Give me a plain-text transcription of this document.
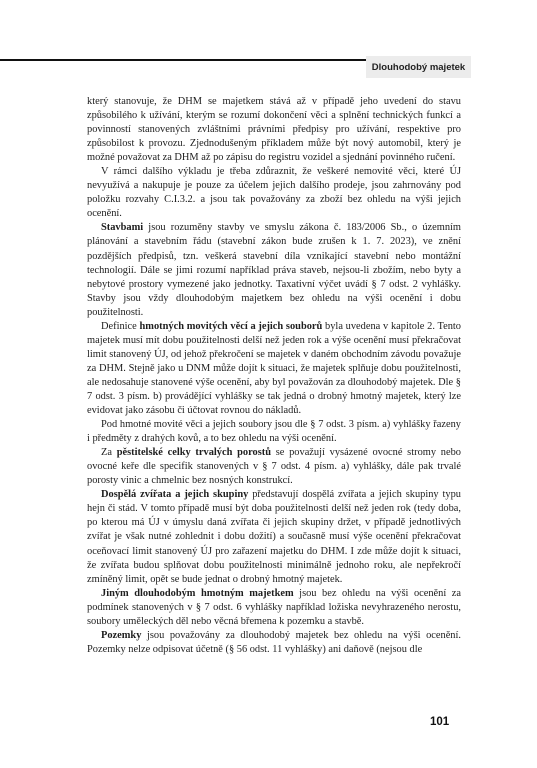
Dlouhodobý majetek

který stanovuje, že DHM se majetkem stává až v případě jeho uvedení do stavu způsobilého k užívání, kterým se rozumí dokončení věci a splnění technických funkcí a povinností stanovených zvláštními právními předpisy pro užívání, respektive pro způsobilost k provozu. Zjednodušeným příkladem může být nový automobil, který je možné považovat za DHM až po zápisu do registru vozidel a sjednání povinného ručení.

V rámci dalšího výkladu je třeba zdůraznit, že veškeré nemovité věci, které ÚJ nevyužívá a nakupuje je pouze za účelem jejich dalšího prodeje, jsou zahrnovány pod položku rozvahy C.I.3.2. a jsou tak považovány za zboží bez ohledu na výši jejich ocenění.

Stavbami jsou rozuměny stavby ve smyslu zákona č. 183/2006 Sb., o územním plánování a stavebním řádu (stavební zákon bude zrušen k 1. 7. 2023), ve znění pozdějších předpisů, tzn. veškerá stavební díla vznikající stavební nebo montážní technologií. Dále se jimi rozumí například práva staveb, nejsou-li zbožím, nebo byty a nebytové prostory vymezené jako jednotky. Taxativní výčet uvádí § 7 odst. 2 vyhlášky. Stavby jsou vždy dlouhodobým majetkem bez ohledu na výši ocenění i dobu použitelnosti.

Definice hmotných movitých věcí a jejich souborů byla uvedena v kapitole 2. Tento majetek musí mít dobu použitelnosti delší než jeden rok a výše ocenění musí překračovat limit stanovený ÚJ, od jehož překročení se majetek v daném obchodním závodu považuje za DHM. Stejně jako u DNM může dojít k situaci, že majetek splňuje dobu použitelnosti, ale nedosahuje stanovené výše ocenění, aby byl považován za dlouhodobý majetek. Dle § 7 odst. 3 písm. b) provádějící vyhlášky se tak jedná o drobný hmotný majetek, který lze evidovat jako zásobu či účtovat rovnou do nákladů.

Pod hmotné movité věci a jejich soubory jsou dle § 7 odst. 3 písm. a) vyhlášky řazeny i předměty z drahých kovů, a to bez ohledu na výši ocenění.

Za pěstitelské celky trvalých porostů se považují vysázené ovocné stromy nebo ovocné keře dle specifik stanovených v § 7 odst. 4 písm. a) vyhlášky, dále pak trvalé porosty vinic a chmelnic bez nosných konstrukcí.

Dospělá zvířata a jejich skupiny představují dospělá zvířata a jejich skupiny typu hejn či stád. V tomto případě musí být doba použitelnosti delší než jeden rok (tedy doba, po kterou má ÚJ v úmyslu daná zvířata či jejich skupiny držet, v případě jednotlivých zvířat je však nutné zohlednit i dobu dožití) a současně musí výše ocenění překračovat oceňovací limit stanovený ÚJ pro zařazení majetku do DHM. I zde může dojít k situaci, že zvířata budou splňovat dobu použitelnosti minimálně jednoho roku, ale nepřekročí zmíněný limit, opět se bude jednat o drobný hmotný majetek.

Jiným dlouhodobým hmotným majetkem jsou bez ohledu na výši ocenění za podmínek stanovených v § 7 odst. 6 vyhlášky například ložiska nevyhrazeného nerostu, soubory uměleckých děl nebo věcná břemena k pozemku a stavbě.

Pozemky jsou považovány za dlouhodobý majetek bez ohledu na výši ocenění. Pozemky nelze odpisovat účetně (§ 56 odst. 11 vyhlášky) ani daňově (nejsou dle

101
